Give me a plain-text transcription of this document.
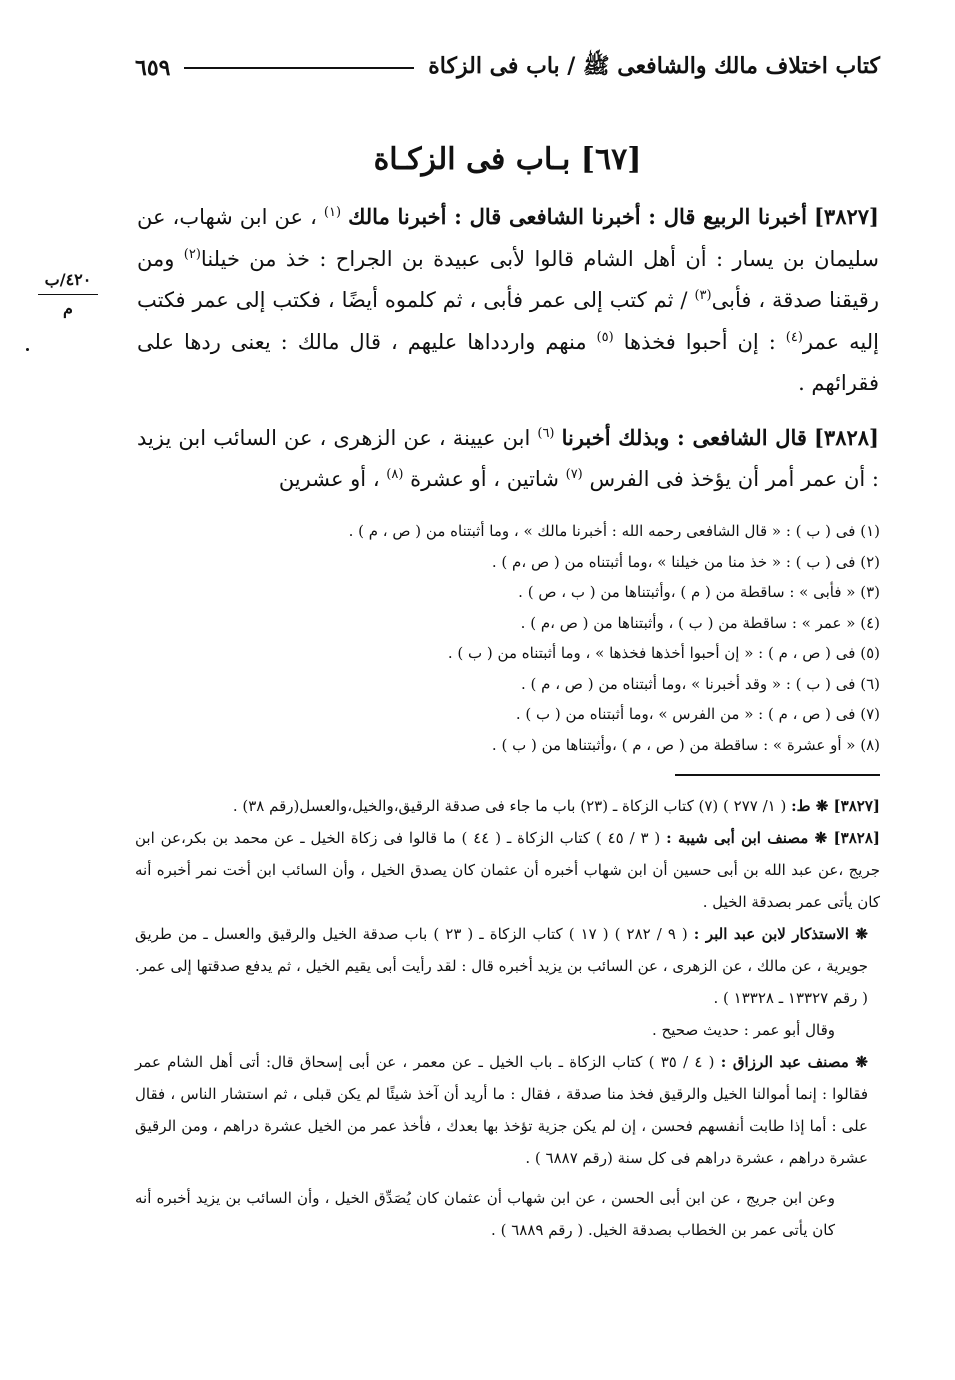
كتاب اختلاف مالك والشافعى ﷺ / باب فى الزكاة
٦٥٩
[٦٧] بـاب فى الزكـاة
٤٢٠/ب
م

[٣٨٢٧] أخبرنا الربيع قال : أخبرنا الشافعى قال : أخبرنا مالك $^{(١)}$ ، عن ابن شهاب، عن سليمان بن يسار : أن أهل الشام قالوا لأبى عبيدة بن الجراح : خذ من خيلنا$^{(٢)}$ ومن رقيقنا صدقة ، فأبى$^{(٣)}$ / ثم كتب إلى عمر فأبى ، ثم كلموه أيضًا ، فكتب إلى عمر فكتب إليه عمر$^{(٤)}$ : إن أحبوا فخذها $^{(٥)}$ منهم واردداها عليهم ، قال مالك : يعنى ردها على فقرائهم .

[٣٨٢٨] قال الشافعى : وبذلك أخبرنا $^{(٦)}$ ابن عيينة ، عن الزهرى ، عن السائب ابن يزيد : أن عمر أمر أن يؤخذ فى الفرس $^{(٧)}$ شاتين ، أو عشرة $^{(٨)}$ ، أو عشرين

(١) فى ( ب ) : « قال الشافعى رحمه الله : أخبرنا مالك » ، وما أثبتناه من ( ص ، م ) .
(٢) فى ( ب ) : « خذ منا من خيلنا » ،وما أثبتناه من ( ص ،م ) .
(٣) « فأبى » : ساقطة من ( م ) ،وأثبتناها من ( ب ، ص ) .
(٤) « عمر » : ساقطة من ( ب ) ، وأثبتناها من ( ص ،م ) .
(٥) فى ( ص ، م ) : « إن أحبوا أخذها فخذها » ، وما أثبتناه من ( ب ) .
(٦) فى ( ب ) : « وقد أخبرنا » ،وما أثبتناه من ( ص ، م ) .
(٧) فى ( ص ، م ) : « من الفرس » ،وما أثبتناه من ( ب ) .
(٨) « أو عشرة » : ساقطة من ( ص ، م ) ،وأثبتناها من ( ب ) .

[٣٨٢٧] ❋ ط: ( ١/ ٢٧٧ ) (٧) كتاب الزكاة ـ (٢٣) باب ما جاء فى صدقة الرقيق،والخيل،والعسل(رقم ٣٨) .

[٣٨٢٨] ❋ مصنف ابن أبى شيبة : ( ٣ / ٤٥ ) كتاب الزكاة ـ ( ٤٤ ) ما قالوا فى زكاة الخيل ـ عن محمد بن بكر،عن ابن جريج ،عن عبد الله بن أبى حسين أن ابن شهاب أخبره أن عثمان كان يصدق الخيل ، وأن السائب ابن أخت نمر أخبره أنه كان يأتى عمر بصدقة الخيل .

❋ الاستذكار لابن عبد البر : ( ٩ / ٢٨٢ ) ( ١٧ ) كتاب الزكاة ـ ( ٢٣ ) باب صدقة الخيل والرقيق والعسل ـ من طريق جويرية ، عن مالك ، عن الزهرى ، عن السائب بن يزيد أخبره قال : لقد رأيت أبى يقيم الخيل ، ثم يدفع صدقتها إلى عمر. ( رقم ١٣٣٢٧ ـ ١٣٣٢٨ ) .

وقال أبو عمر : حديث صحيح .

❋ مصنف عبد الرزاق : ( ٤ / ٣٥ ) كتاب الزكاة ـ باب الخيل ـ عن معمر ، عن أبى إسحاق قال: أتى أهل الشام عمر فقالوا : إنما أموالنا الخيل والرقيق فخذ منا صدقة ، فقال : ما أريد أن آخذ شيئًا لم يكن قبلى ، ثم استشار الناس ، فقال على : أما إذا طابت أنفسهم فحسن ، إن لم يكن جزية تؤخذ بها بعدك ، فأخذ عمر من الخيل عشرة دراهم ، ومن الرقيق عشرة دراهم ، عشرة دراهم فى كل سنة (رقم ٦٨٨٧ ) .

وعن ابن جريج ، عن ابن أبى الحسن ، عن ابن شهاب أن عثمان كان يُصَدِّق الخيل ، وأن السائب بن يزيد أخبره أنه كان يأتى عمر بن الخطاب بصدقة الخيل. ( رقم ٦٨٨٩ ) .
